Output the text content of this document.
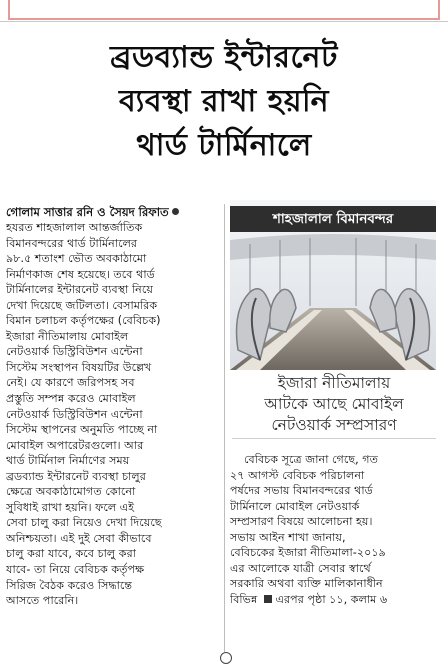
ব্রডব্যান্ড ইন্টারনেট
ব্যবস্থা রাখা হয়নি
থার্ড টার্মিনালে
গোলাম সাত্তার রনি ও সৈয়দ রিফাত
হযরত শাহজালাল আন্তর্জাতিক
বিমানবন্দরের থার্ড টার্মিনালের
৯৮.৫ শতাংশ ভৌত অবকাঠামো
নির্মাণকাজ শেষ হয়েছে। তবে থার্ড
টার্মিনালের ইন্টারনেট ব্যবস্থা নিয়ে
দেখা দিয়েছে জটিলতা। বেসামরিক
বিমান চলাচল কর্তৃপক্ষের (বেবিচক)
ইজারা নীতিমালায় মোবাইল
নেটওয়ার্ক ডিস্ট্রিবিউশন এন্টেনা
সিস্টেম সংস্থাপন বিষয়টির উল্লেখ
নেই। যে কারণে জরিপসহ সব
প্রস্তুতি সম্পন্ন করেও মোবাইল
নেটওয়ার্ক ডিস্ট্রিবিউশন এন্টেনা
সিস্টেম স্থাপনের অনুমতি পাচ্ছে না
মোবাইল অপারেটরগুলো। আর
থার্ড টার্মিনাল নির্মাণের সময়
ব্রডব্যান্ড ইন্টারনেট ব্যবস্থা চালুর
ক্ষেত্রে অবকাঠামোগত কোনো
সুবিধাই রাখা হয়নি। ফলে এই
সেবা চালু করা নিয়েও দেখা দিয়েছে
অনিশ্চয়তা। এই দুই সেবা কীভাবে
চালু করা যাবে, কবে চালু করা
যাবে- তা নিয়ে বেবিচক কর্তৃপক্ষ
সিরিজ বৈঠক করেও সিদ্ধান্তে
আসতে পারেনি।
শাহজালাল বিমানবন্দর
ইজারা নীতিমালায়
আটকে আছে মোবাইল
নেটওয়ার্ক সম্প্রসারণ
বেবিচক সূত্রে জানা গেছে, গত
২৭ আগস্ট বেবিচক পরিচালনা
পর্ষদের সভায় বিমানবন্দরের থার্ড
টার্মিনালে মোবাইল নেটওয়ার্ক
সম্প্রসারণ বিষয়ে আলোচনা হয়।
সভায় আইন শাখা জানায়,
বেবিচকের ইজারা নীতিমালা-২০১৯
এর আলোকে যাত্রী সেবার স্বার্থে
সরকারি অথবা ব্যক্তি মালিকানাধীন
বিভিন্ন এরপর পৃষ্ঠা ১১, কলাম ৬
